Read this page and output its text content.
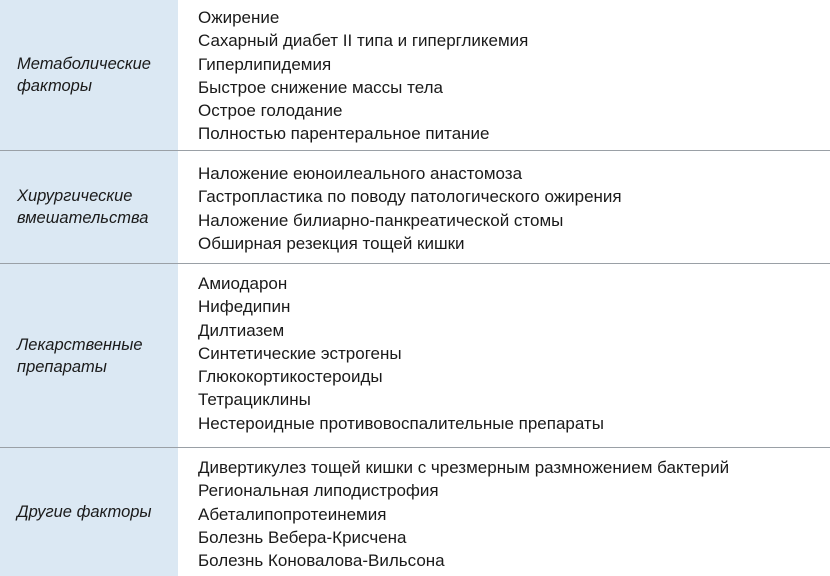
Метаболические
факторы
Ожирение
Сахарный диабет II типа и гипергликемия
Гиперлипидемия
Быстрое снижение массы тела
Острое голодание
Полностью парентеральное питание
Хирургические
вмешательства
Наложение еюноилеального анастомоза
Гастропластика по поводу патологического ожирения
Наложение билиарно-панкреатической стомы
Обширная резекция тощей кишки
Лекарственные
препараты
Амиодарон
Нифедипин
Дилтиазем
Синтетические эстрогены
Глюкокортикостероиды
Тетрациклины
Нестероидные противовоспалительные препараты
Другие факторы
Дивертикулез тощей кишки с чрезмерным размножением бактерий
Региональная липодистрофия
Абеталипопротеинемия
Болезнь Вебера-Крисчена
Болезнь Коновалова-Вильсона
